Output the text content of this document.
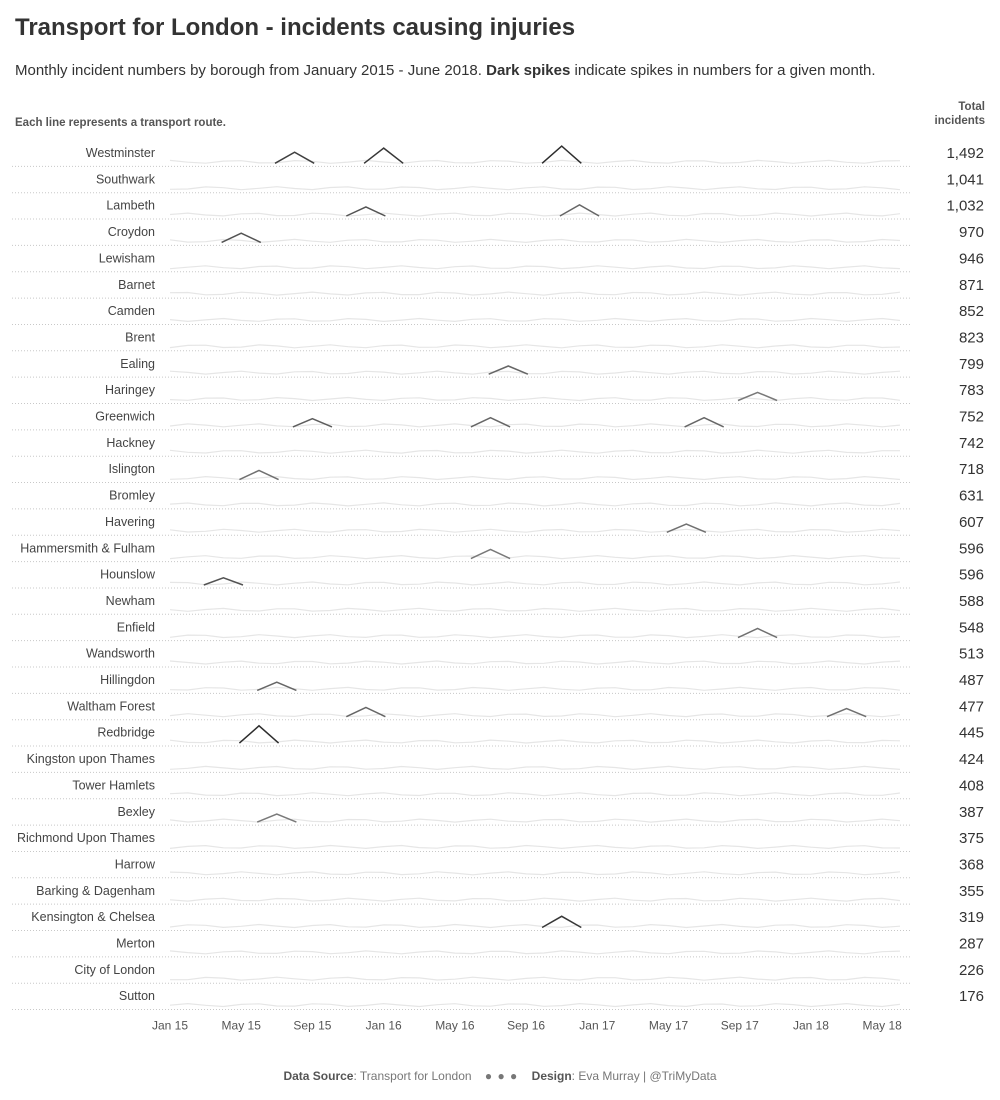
Transport for London - incidents causing injuries
Monthly incident numbers by borough from January 2015 - June 2018. Dark spikes indicate spikes in numbers for a given month.
Each line represents a transport route.
Total
incidents
Westminster	1,492
Southwark	1,041
Lambeth	1,032
Croydon	970
Lewisham	946
Barnet	871
Camden	852
Brent	823
Ealing	799
Haringey	783
Greenwich	752
Hackney	742
Islington	718
Bromley	631
Havering	607
Hammersmith & Fulham	596
Hounslow	596
Newham	588
Enfield	548
Wandsworth	513
Hillingdon	487
Waltham Forest	477
Redbridge	445
Kingston upon Thames	424
Tower Hamlets	408
Bexley	387
Richmond Upon Thames	375
Harrow	368
Barking & Dagenham	355
Kensington & Chelsea	319
Merton	287
City of London	226
Sutton	176
Jan 15	May 15	Sep 15	Jan 16	May 16	Sep 16	Jan 17	May 17	Sep 17	Jan 18	May 18
Data Source: Transport for London ● ● ● Design: Eva Murray | @TriMyData
